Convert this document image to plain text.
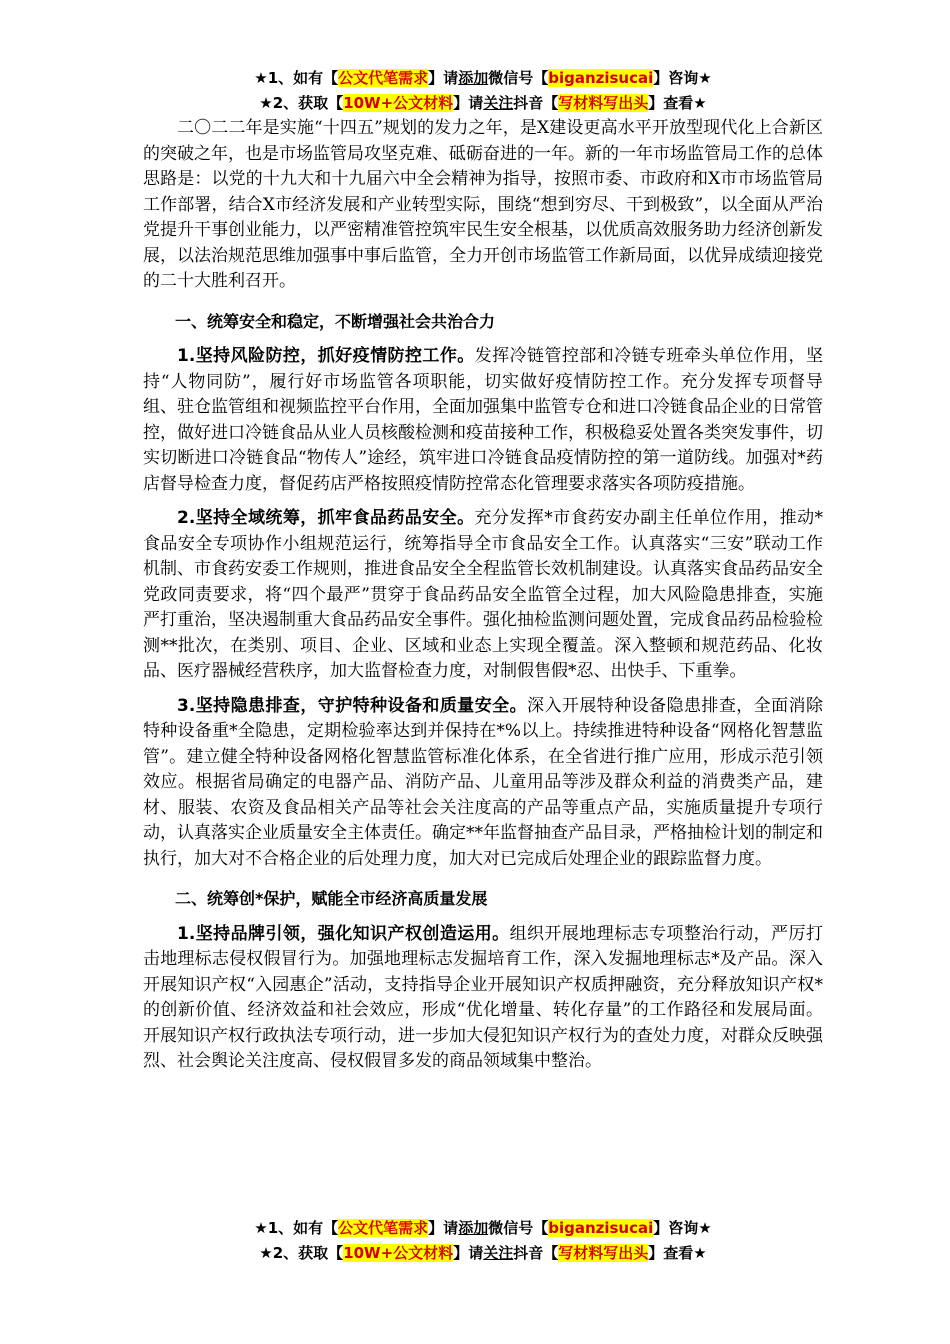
★1、如有【公文代笔需求】请添加微信号【biganzisucai】咨询★
★2、获取【10W+公文材料】请关注抖音【写材料写出头】查看★

二〇二二年是实施“十四五”规划的发力之年，是X建设更高水平开放型现代化上合新区的突破之年，也是市场监管局攻坚克难、砥砺奋进的一年。新的一年市场监管局工作的总体思路是：以党的十九大和十九届六中全会精神为指导，按照市委、市政府和X市市场监管局工作部署，结合X市经济发展和产业转型实际，围绕“想到穷尽、干到极致”，以全面从严治党提升干事创业能力，以严密精准管控筑牢民生安全根基，以优质高效服务助力经济创新发展，以法治规范思维加强事中事后监管，全力开创市场监管工作新局面，以优异成绩迎接党的二十大胜利召开。

一、统筹安全和稳定，不断增强社会共治合力

1.坚持风险防控，抓好疫情防控工作。发挥冷链管控部和冷链专班牵头单位作用，坚持“人物同防”，履行好市场监管各项职能，切实做好疫情防控工作。充分发挥专项督导组、驻仓监管组和视频监控平台作用，全面加强集中监管专仓和进口冷链食品企业的日常管控，做好进口冷链食品从业人员核酸检测和疫苗接种工作，积极稳妥处置各类突发事件，切实切断进口冷链食品“物传人”途经，筑牢进口冷链食品疫情防控的第一道防线。加强对*药店督导检查力度，督促药店严格按照疫情防控常态化管理要求落实各项防疫措施。

2.坚持全域统筹，抓牢食品药品安全。充分发挥*市食药安办副主任单位作用，推动*食品安全专项协作小组规范运行，统筹指导全市食品安全工作。认真落实“三安”联动工作机制、市食药安委工作规则，推进食品安全全程监管长效机制建设。认真落实食品药品安全党政同责要求，将“四个最严”贯穿于食品药品安全监管全过程，加大风险隐患排查，实施严打重治，坚决遏制重大食品药品安全事件。强化抽检监测问题处置，完成食品药品检验检测**批次，在类别、项目、企业、区域和业态上实现全覆盖。深入整顿和规范药品、化妆品、医疗器械经营秩序，加大监督检查力度，对制假售假*忍、出快手、下重拳。

3.坚持隐患排查，守护特种设备和质量安全。深入开展特种设备隐患排查，全面消除特种设备重*全隐患，定期检验率达到并保持在*%以上。持续推进特种设备“网格化智慧监管”。建立健全特种设备网格化智慧监管标准化体系，在全省进行推广应用，形成示范引领效应。根据省局确定的电器产品、消防产品、儿童用品等涉及群众利益的消费类产品，建材、服装、农资及食品相关产品等社会关注度高的产品等重点产品，实施质量提升专项行动，认真落实企业质量安全主体责任。确定**年监督抽查产品目录，严格抽检计划的制定和执行，加大对不合格企业的后处理力度，加大对已完成后处理企业的跟踪监督力度。

二、统筹创*保护，赋能全市经济高质量发展

1.坚持品牌引领，强化知识产权创造运用。组织开展地理标志专项整治行动，严厉打击地理标志侵权假冒行为。加强地理标志发掘培育工作，深入发掘地理标志*及产品。深入开展知识产权“入园惠企”活动，支持指导企业开展知识产权质押融资，充分释放知识产权*的创新价值、经济效益和社会效应，形成“优化增量、转化存量”的工作路径和发展局面。开展知识产权行政执法专项行动，进一步加大侵犯知识产权行为的查处力度，对群众反映强烈、社会舆论关注度高、侵权假冒多发的商品领域集中整治。

★1、如有【公文代笔需求】请添加微信号【biganzisucai】咨询★
★2、获取【10W+公文材料】请关注抖音【写材料写出头】查看★
